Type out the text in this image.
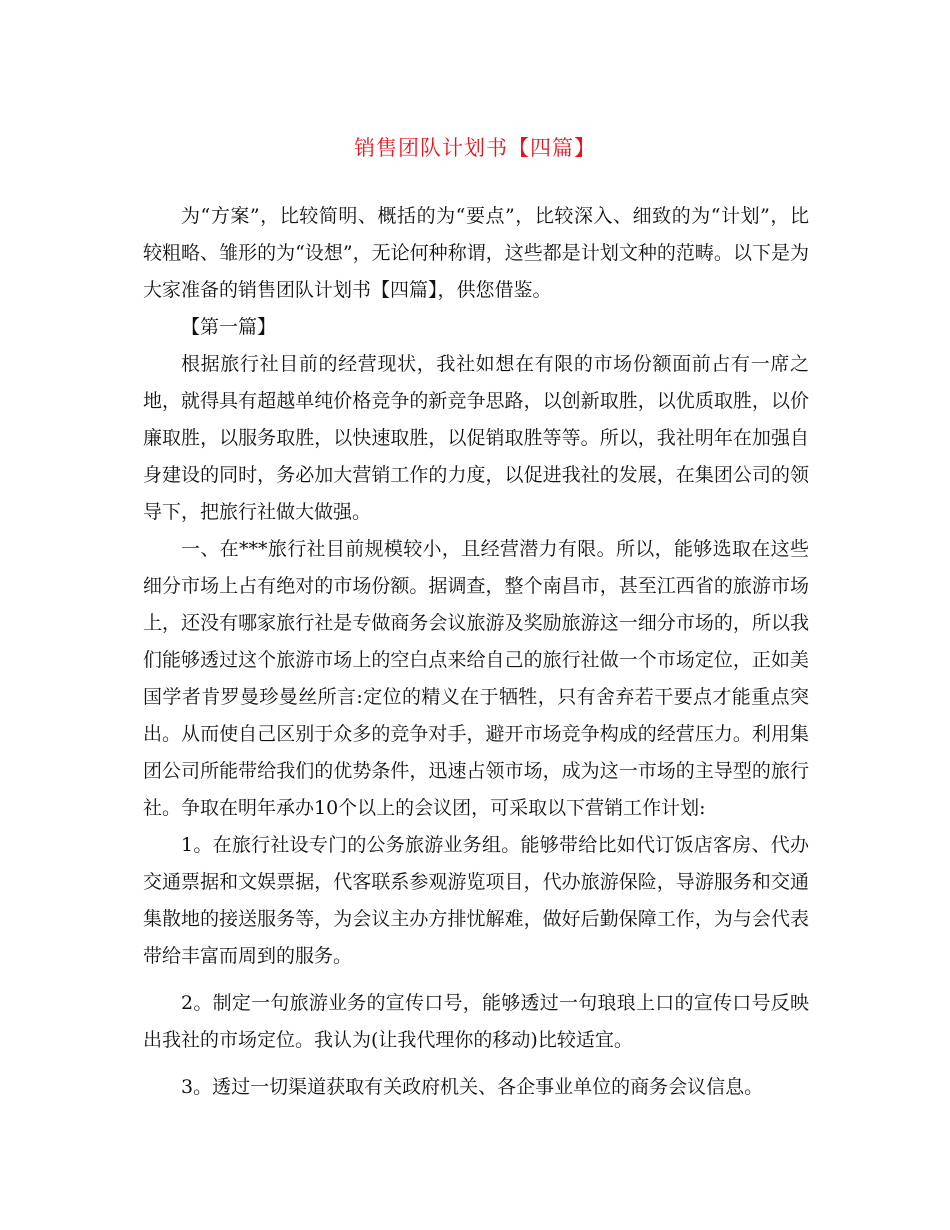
销售团队计划书【四篇】

为“方案”，比较简明、概括的为“要点”，比较深入、细致的为“计划”，比较粗略、雏形的为“设想”，无论何种称谓，这些都是计划文种的范畴。以下是为大家准备的销售团队计划书【四篇】，供您借鉴。

【第一篇】

根据旅行社目前的经营现状，我社如想在有限的市场份额面前占有一席之地，就得具有超越单纯价格竞争的新竞争思路，以创新取胜，以优质取胜，以价廉取胜，以服务取胜，以快速取胜，以促销取胜等等。所以，我社明年在加强自身建设的同时，务必加大营销工作的力度，以促进我社的发展，在集团公司的领导下，把旅行社做大做强。

一、在***旅行社目前规模较小，且经营潜力有限。所以，能够选取在这些细分市场上占有绝对的市场份额。据调查，整个南昌市，甚至江西省的旅游市场上，还没有哪家旅行社是专做商务会议旅游及奖励旅游这一细分市场的，所以我们能够透过这个旅游市场上的空白点来给自己的旅行社做一个市场定位，正如美国学者肯罗曼珍曼丝所言:定位的精义在于牺牲，只有舍弃若干要点才能重点突出。从而使自己区别于众多的竞争对手，避开市场竞争构成的经营压力。利用集团公司所能带给我们的优势条件，迅速占领市场，成为这一市场的主导型的旅行社。争取在明年承办10个以上的会议团，可采取以下营销工作计划:

1。在旅行社设专门的公务旅游业务组。能够带给比如代订饭店客房、代办交通票据和文娱票据，代客联系参观游览项目，代办旅游保险，导游服务和交通集散地的接送服务等，为会议主办方排忧解难，做好后勤保障工作，为与会代表带给丰富而周到的服务。

2。制定一句旅游业务的宣传口号，能够透过一句琅琅上口的宣传口号反映出我社的市场定位。我认为(让我代理你的移动)比较适宜。

3。透过一切渠道获取有关政府机关、各企事业单位的商务会议信息。
